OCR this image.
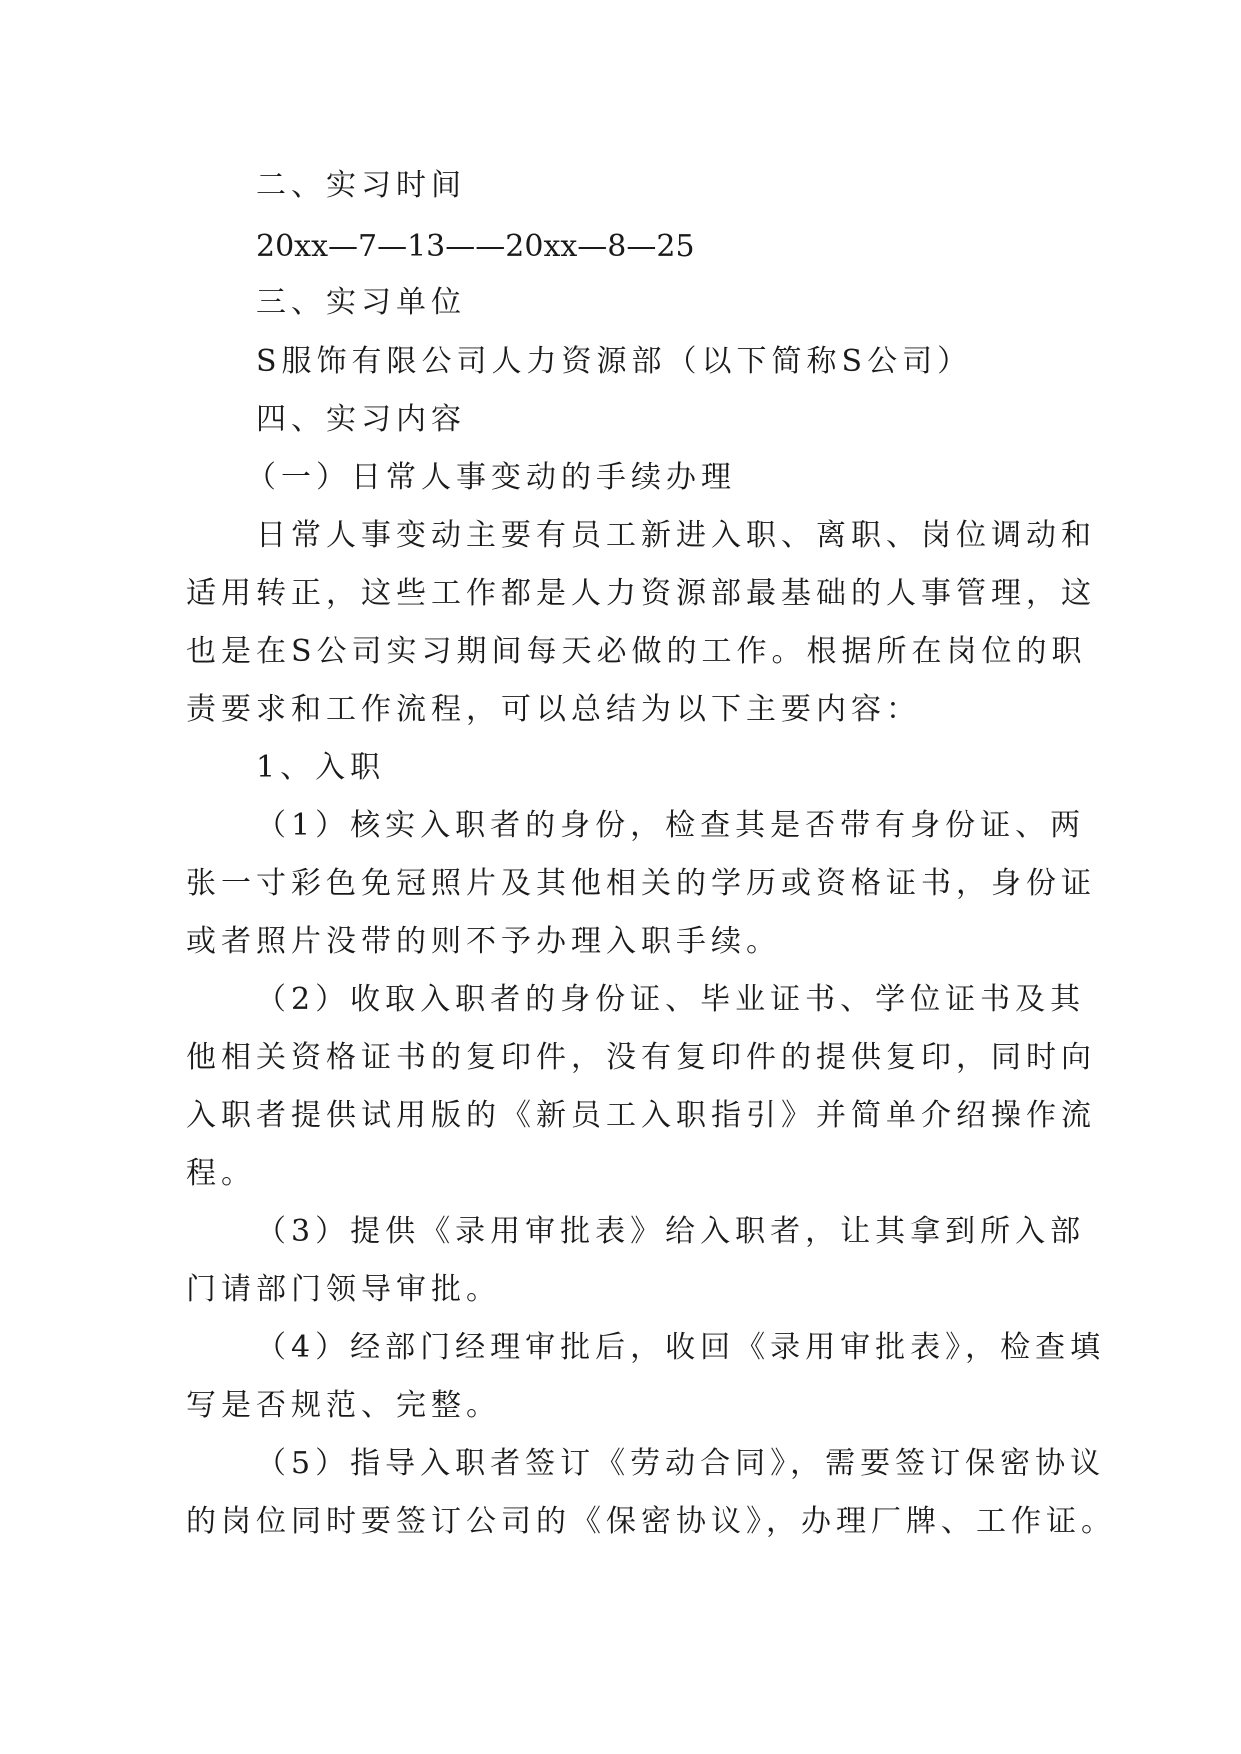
二、实习时间
20xx—7—13——20xx—8—25
三、实习单位
S服饰有限公司人力资源部（以下简称S公司）
四、实习内容
（一）日常人事变动的手续办理
日常人事变动主要有员工新进入职、离职、岗位调动和
适用转正，这些工作都是人力资源部最基础的人事管理，这
也是在S公司实习期间每天必做的工作。根据所在岗位的职
责要求和工作流程，可以总结为以下主要内容：
1、入职
（1）核实入职者的身份，检查其是否带有身份证、两
张一寸彩色免冠照片及其他相关的学历或资格证书，身份证
或者照片没带的则不予办理入职手续。
（2）收取入职者的身份证、毕业证书、学位证书及其
他相关资格证书的复印件，没有复印件的提供复印，同时向
入职者提供试用版的《新员工入职指引》并简单介绍操作流
程。
（3）提供《录用审批表》给入职者，让其拿到所入部
门请部门领导审批。
（4）经部门经理审批后，收回《录用审批表》，检查填
写是否规范、完整。
（5）指导入职者签订《劳动合同》，需要签订保密协议
的岗位同时要签订公司的《保密协议》，办理厂牌、工作证。
